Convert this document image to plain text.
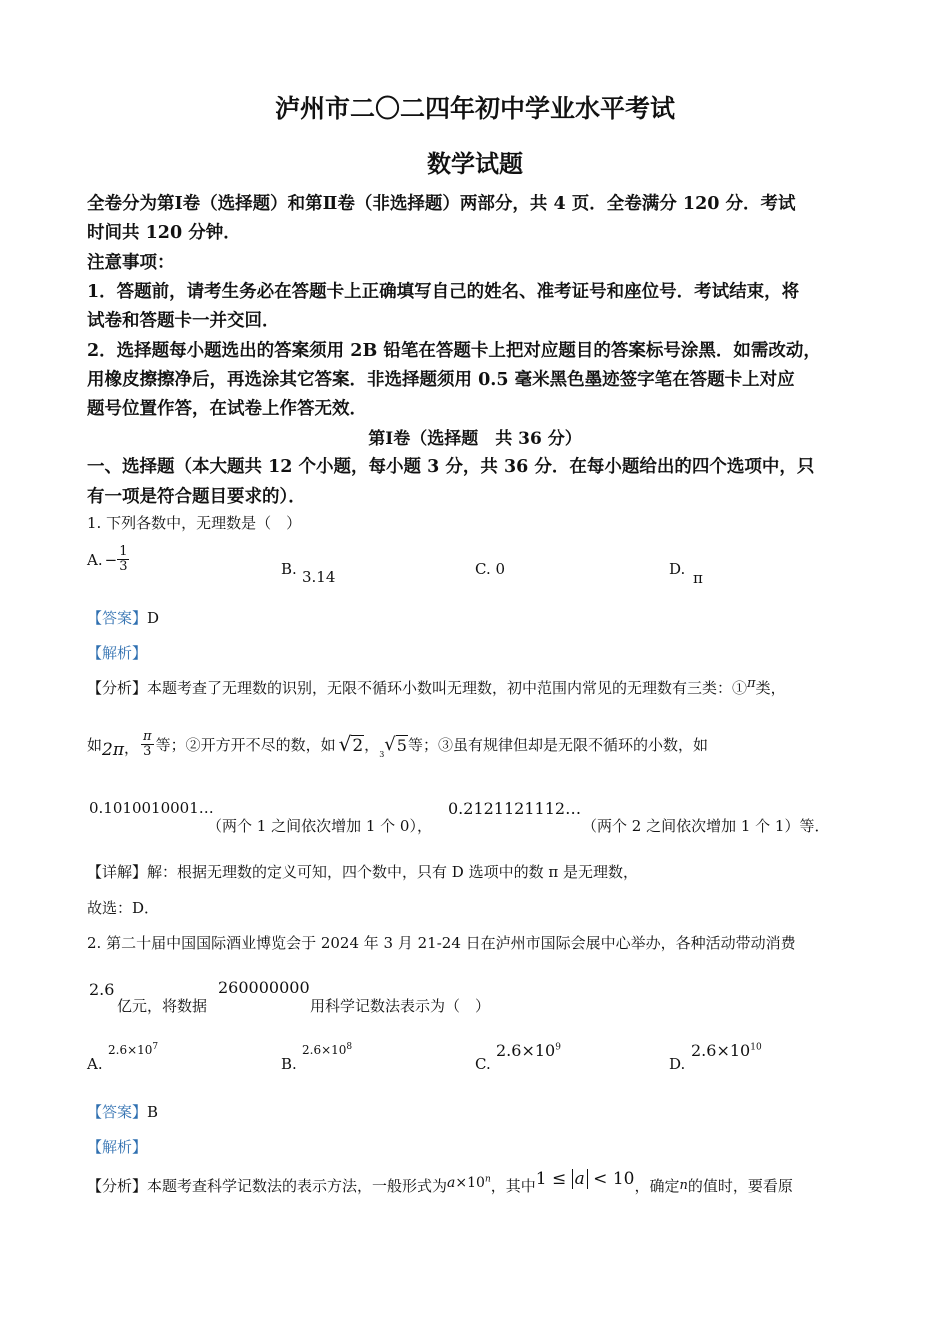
泸州市二〇二四年初中学业水平考试
数学试题
全卷分为第Ⅰ卷（选择题）和第Ⅱ卷（非选择题）两部分，共 4 页．全卷满分 120 分．考试
时间共 120 分钟．
注意事项：
1．答题前，请考生务必在答题卡上正确填写自己的姓名、准考证号和座位号．考试结束，将
试卷和答题卡一并交回．
2．选择题每小题选出的答案须用 2B 铅笔在答题卡上把对应题目的答案标号涂黑．如需改动，
用橡皮擦擦净后，再选涂其它答案．非选择题须用 0.5 毫米黑色墨迹签字笔在答题卡上对应
题号位置作答，在试卷上作答无效．
第Ⅰ卷（选择题　共 36 分）
一、选择题（本大题共 12 个小题，每小题 3 分，共 36 分．在每小题给出的四个选项中，只
有一项是符合题目要求的）．
1. 下列各数中，无理数是（　）
A. − $\frac{1}{3}$	B. 3.14	C. 0	D. π
【答案】D
【解析】
【分析】本题考查了无理数的识别，无限不循环小数叫无理数，初中范围内常见的无理数有三类：①$^\pi$类，
如 2π ， $\frac{\pi}{3}$ 等；②开方开不尽的数，如 √ 2 ，
3 √ 5 等；③虽有规律但却是无限不循环的小数，如
0.1010010001…
（两个 1 之间依次增加 1 个 0），
0.2121121112…
（两个 2 之间依次增加 1 个 1）等．
【详解】解：根据无理数的定义可知，四个数中，只有 D 选项中的数 π 是无理数，
故选：D．
2. 第二十届中国国际酒业博览会于 2024 年 3 月 21-24 日在泸州市国际会展中心举办，各种活动带动消费
2.6
亿元，将数据
260000000
用科学记数法表示为（　）
A.
$2.6\times 10^7$
B.
$2.6\times 10^8$
C.
$2.6\times 10^9$
D.
$2.6\times 10^{10}$
【答案】B
【解析】
【分析】 本题考查科学记数法的表示方法，一般形式为 $a\times 10^n$ ，其中 1 ≤ a < 10 ，确定 n 的值时，要看原
